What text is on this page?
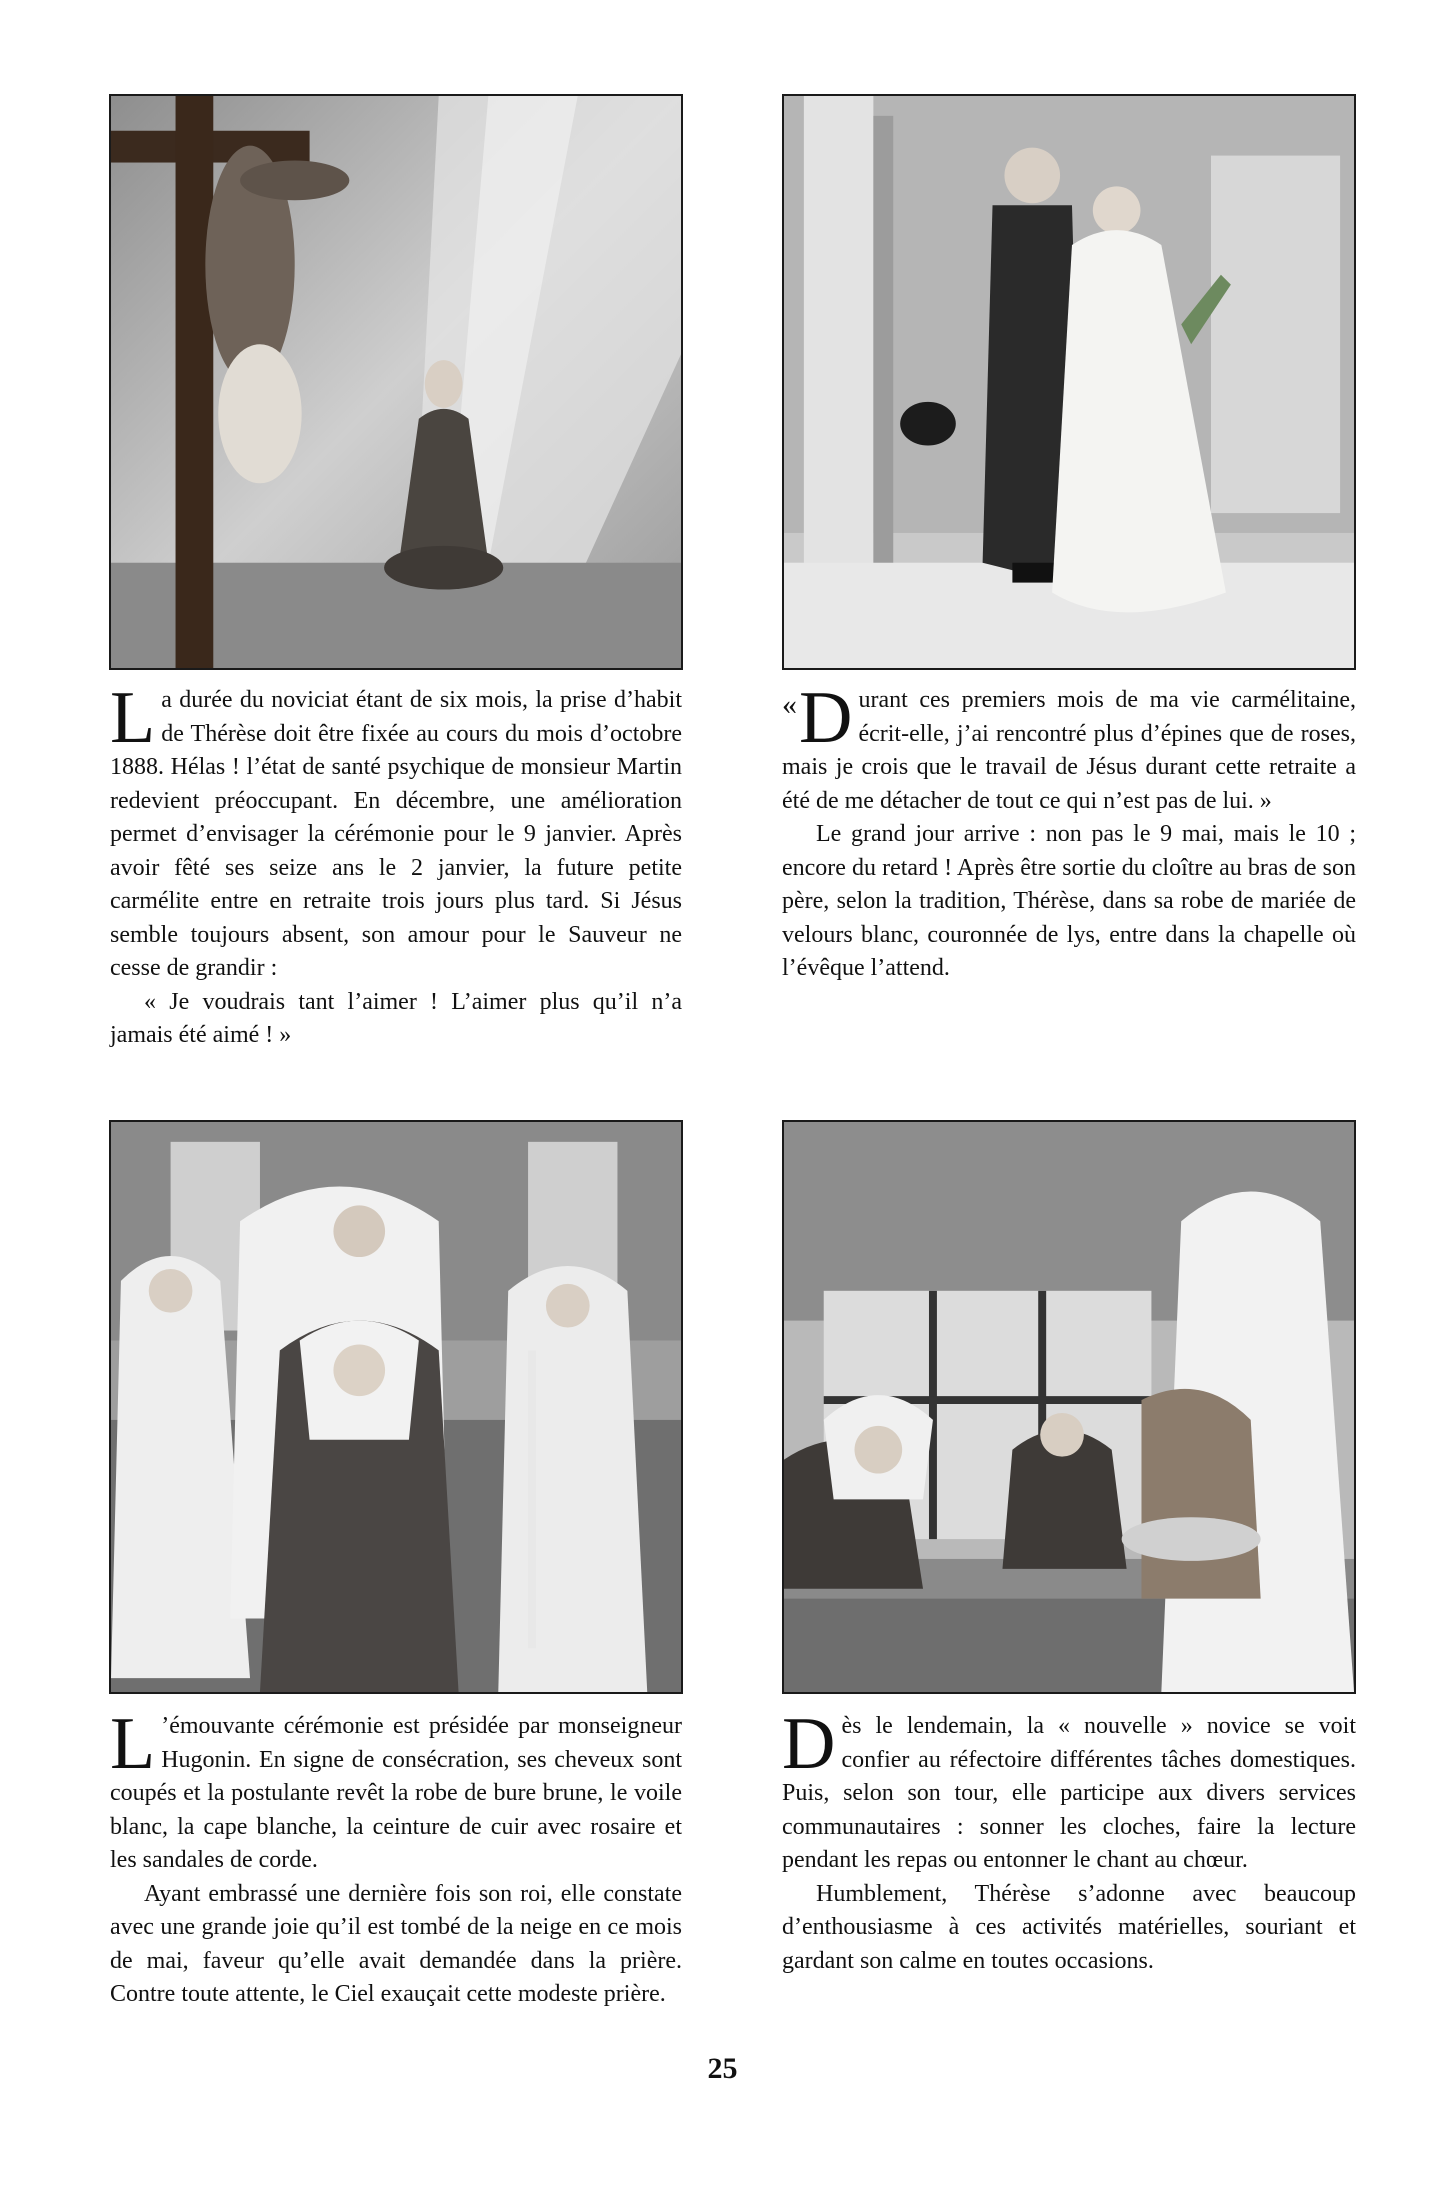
La durée du noviciat étant de six mois, la prise d’habit de Thérèse doit être fixée au cours du mois d’octobre 1888. Hélas ! l’état de santé psychique de monsieur Martin redevient préoccupant. En décembre, une amélioration permet d’envisager la cérémonie pour le 9 janvier. Après avoir fêté ses seize ans le 2 janvier, la future petite carmélite entre en retraite trois jours plus tard. Si Jésus semble toujours absent, son amour pour le Sauveur ne cesse de grandir :

« Je voudrais tant l’aimer ! L’aimer plus qu’il n’a jamais été aimé ! »

« D urant ces premiers mois de ma vie carmélitaine, écrit-elle, j’ai rencontré plus d’épines que de roses, mais je crois que le travail de Jésus durant cette retraite a été de me détacher de tout ce qui n’est pas de lui. »

Le grand jour arrive : non pas le 9 mai, mais le 10 ; encore du retard ! Après être sortie du cloître au bras de son père, selon la tradition, Thérèse, dans sa robe de mariée de velours blanc, couronnée de lys, entre dans la chapelle où l’évêque l’attend.

L ’émouvante cérémonie est présidée par monseigneur Hugonin. En signe de consécration, ses cheveux sont coupés et la postulante revêt la robe de bure brune, le voile blanc, la cape blanche, la ceinture de cuir avec rosaire et les sandales de corde.

Ayant embrassé une dernière fois son roi, elle constate avec une grande joie qu’il est tombé de la neige en ce mois de mai, faveur qu’elle avait demandée dans la prière. Contre toute attente, le Ciel exauçait cette modeste prière.

Dès le lendemain, la « nouvelle » novice se voit confier au réfectoire différentes tâches domestiques. Puis, selon son tour, elle participe aux divers services communautaires : sonner les cloches, faire la lecture pendant les repas ou entonner le chant au chœur.

Humblement, Thérèse s’adonne avec beaucoup d’enthousiasme à ces activités matérielles, souriant et gardant son calme en toutes occasions.

25
